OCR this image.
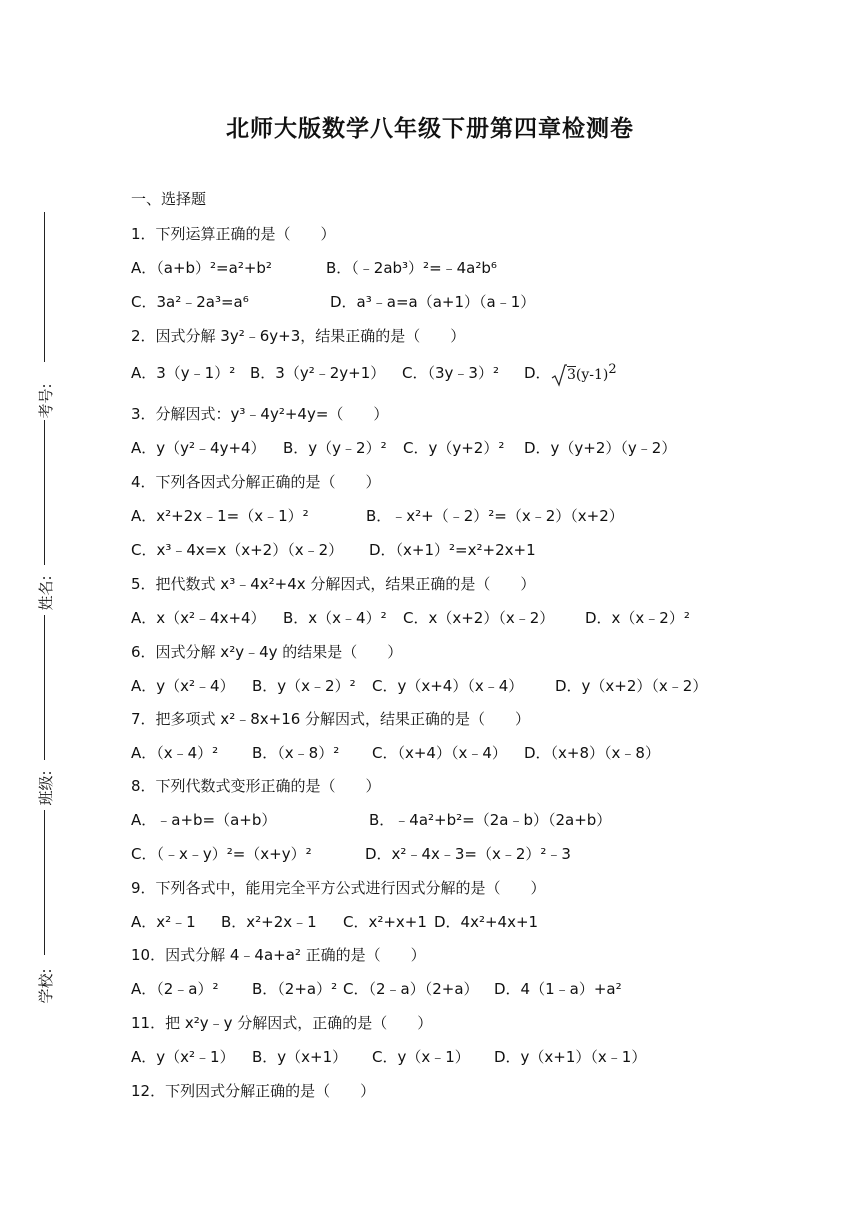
北师大版数学八年级下册第四章检测卷
一、选择题
考号:
姓名:
班级:
学校:
1．下列运算正确的是（　　）
A．（a+b）²=a²+b²	B．（﹣2ab³）²=﹣4a²b⁶
C．3a²﹣2a³=a⁶	D．a³﹣a=a（a+1）（a﹣1）
2．因式分解 3y²﹣6y+3，结果正确的是（　　）
A．3（y﹣1）² B．3（y²﹣2y+1） C．（3y﹣3）² D．	$3(y-1)^2$
3．分解因式：y³﹣4y²+4y=（　　）
A．y（y²﹣4y+4） B．y（y﹣2）² C．y（y+2）² D．y（y+2）（y﹣2）
4．下列各因式分解正确的是（　　）
A．x²+2x﹣1=（x﹣1）²	B．﹣x²+（﹣2）²=（x﹣2）（x+2）
C．x³﹣4x=x（x+2）（x﹣2） D．（x+1）²=x²+2x+1
5．把代数式 x³﹣4x²+4x 分解因式，结果正确的是（　　）
A．x（x²﹣4x+4） B．x（x﹣4）² C．x（x+2）（x﹣2） D．x（x﹣2）²
6．因式分解 x²y﹣4y 的结果是（　　）
A．y（x²﹣4） B．y（x﹣2）² C．y（x+4）（x﹣4） D．y（x+2）（x﹣2）
7．把多项式 x²﹣8x+16 分解因式，结果正确的是（　　）
A．（x﹣4）² B．（x﹣8）² C．（x+4）（x﹣4） D．（x+8）（x﹣8）
8．下列代数式变形正确的是（　　）
A．﹣a+b=（a+b）	B．﹣4a²+b²=（2a﹣b）（2a+b）
C．（﹣x﹣y）²=（x+y）²	D．x²﹣4x﹣3=（x﹣2）²﹣3
9．下列各式中，能用完全平方公式进行因式分解的是（　　）
A．x²﹣1 B．x²+2x﹣1 C．x²+x+1 D．4x²+4x+1
10．因式分解 4﹣4a+a² 正确的是（　　）
A．（2﹣a）² B．（2+a）² C．（2﹣a）（2+a） D．4（1﹣a）+a²
11．把 x²y﹣y 分解因式，正确的是（　　）
A．y（x²﹣1） B．y（x+1） C．y（x﹣1） D．y（x+1）（x﹣1）
12．下列因式分解正确的是（　　）
